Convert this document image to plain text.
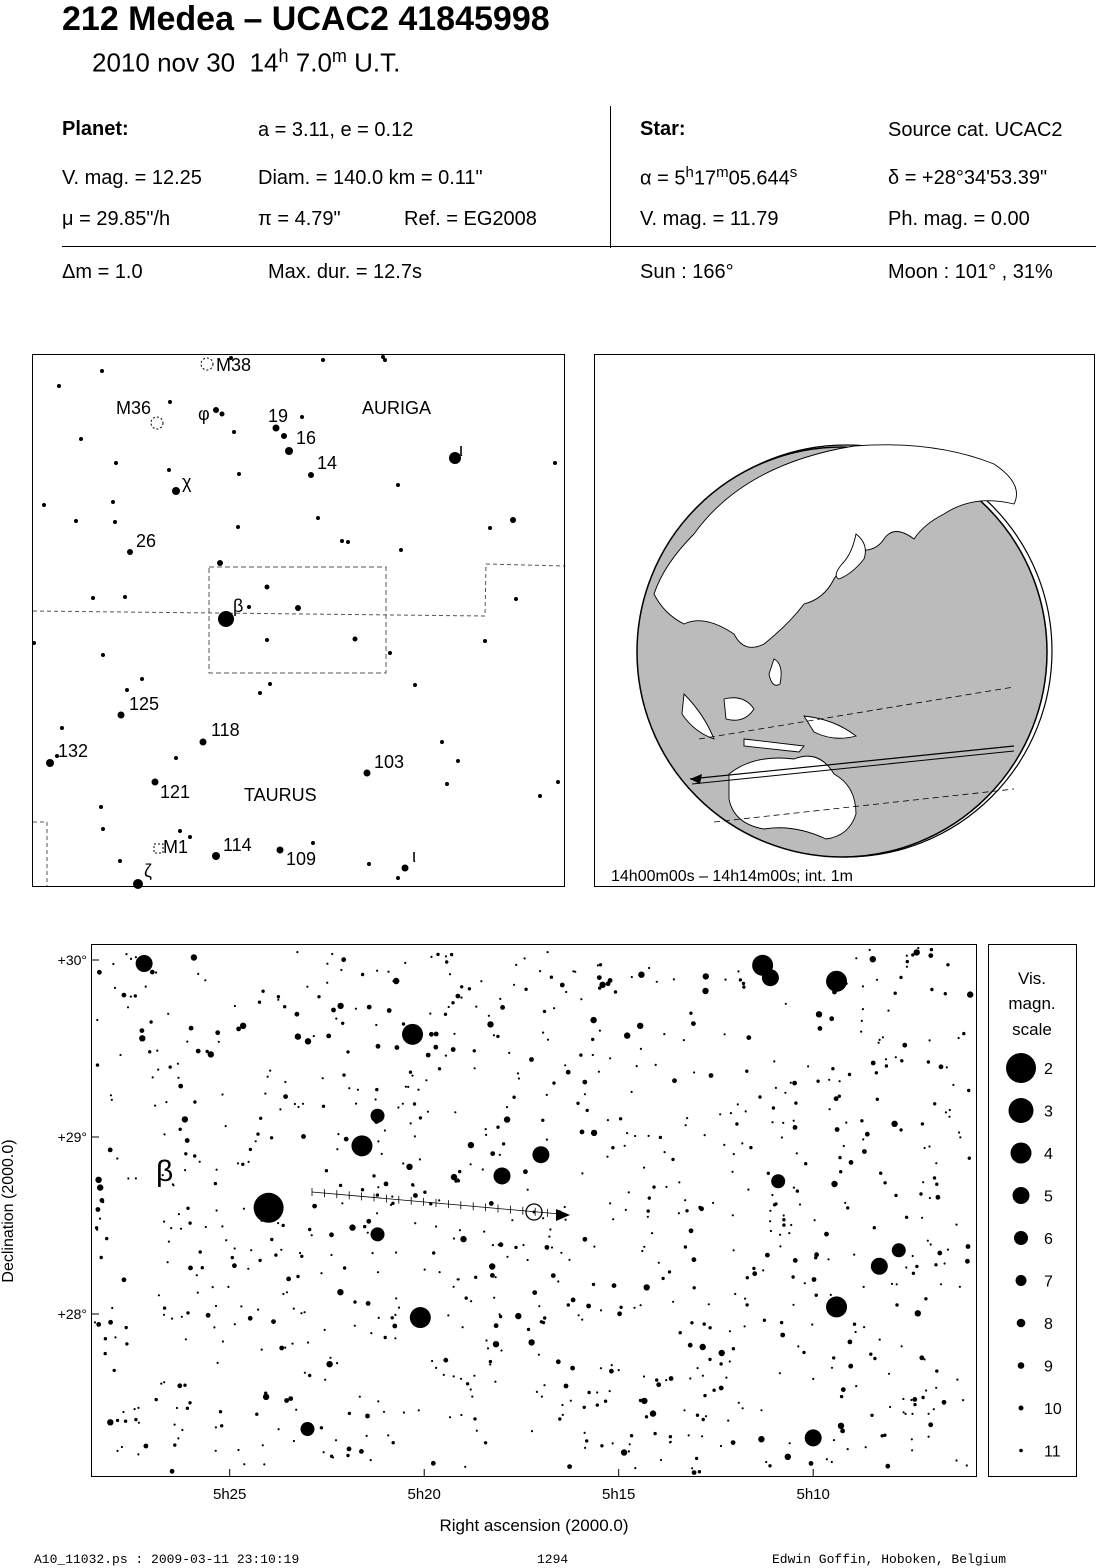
212 Medea – UCAC2 41845998
2010 nov 30 14$^h$ 7.0$^m$ U.T.
Planet:	a = 3.11, e = 0.12
V. mag. = 12.25	Diam. = 140.0 km = 0.11"
μ = 29.85"/h	π = 4.79"	Ref. = EG2008
Star:	Source cat. UCAC2
$\alpha = 5^h17^m05.644^s$	δ = +28°34'53.39"
V. mag. = 11.79	Ph. mag. = 0.00
Δm = 1.0	Max. dur. = 12.7s	Sun : 166°	Moon : 101° , 31%
M38
M36	φ	19
16
14
AURIGA
ι
χ
26
β
125
118
132
103
121	TAURUS
M1 114
109	ι
ζ	14h00m00s – 14h14m00s; int. 1m
β
+30°
+29°
+28°
5h25	5h20	5h15	5h10
Declination (2000.0)
Right ascension (2000.0)
Vis.
magn.
scale
2
3
4
5
6
7
8
9
10
11
A10_11032.ps : 2009-03-11 23:10:19	1294	Edwin Goffin, Hoboken, Belgium
